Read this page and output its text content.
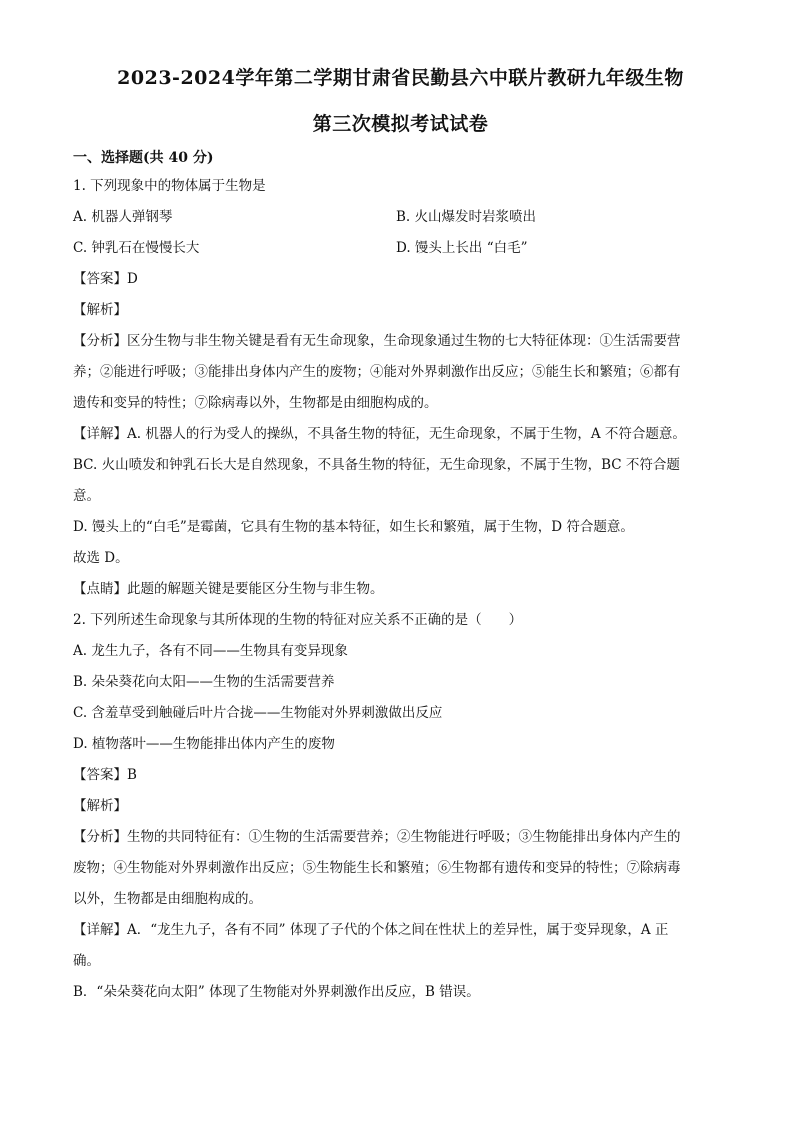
2023-2024学年第二学期甘肃省民勤县六中联片教研九年级生物
第三次模拟考试试卷
一、选择题(共 40 分)
1. 下列现象中的物体属于生物是
A. 机器人弹钢琴	B. 火山爆发时岩浆喷出
C. 钟乳石在慢慢长大	D. 馒头上长出 “白毛”
【答案】D
【解析】
【分析】区分生物与非生物关键是看有无生命现象，生命现象通过生物的七大特征体现：①生活需要营
养；②能进行呼吸；③能排出身体内产生的废物；④能对外界刺激作出反应；⑤能生长和繁殖；⑥都有
遗传和变异的特性；⑦除病毒以外，生物都是由细胞构成的。
【详解】A. 机器人的行为受人的操纵，不具备生物的特征，无生命现象，不属于生物，A 不符合题意。
BC. 火山喷发和钟乳石长大是自然现象，不具备生物的特征，无生命现象，不属于生物，BC 不符合题
意。
D. 馒头上的“白毛”是霉菌，它具有生物的基本特征，如生长和繁殖，属于生物，D 符合题意。
故选 D。
【点睛】此题的解题关键是要能区分生物与非生物。
2. 下列所述生命现象与其所体现的生物的特征对应关系不正确的是（　　）
A. 龙生九子，各有不同——生物具有变异现象
B. 朵朵葵花向太阳——生物的生活需要营养
C. 含羞草受到触碰后叶片合拢——生物能对外界刺激做出反应
D. 植物落叶——生物能排出体内产生的废物
【答案】B
【解析】
【分析】生物的共同特征有：①生物的生活需要营养；②生物能进行呼吸；③生物能排出身体内产生的
废物；④生物能对外界刺激作出反应；⑤生物能生长和繁殖；⑥生物都有遗传和变异的特性；⑦除病毒
以外，生物都是由细胞构成的。
【详解】A．“龙生九子，各有不同” 体现了子代的个体之间在性状上的差异性，属于变异现象，A 正
确。
B．“朵朵葵花向太阳” 体现了生物能对外界刺激作出反应，B 错误。
